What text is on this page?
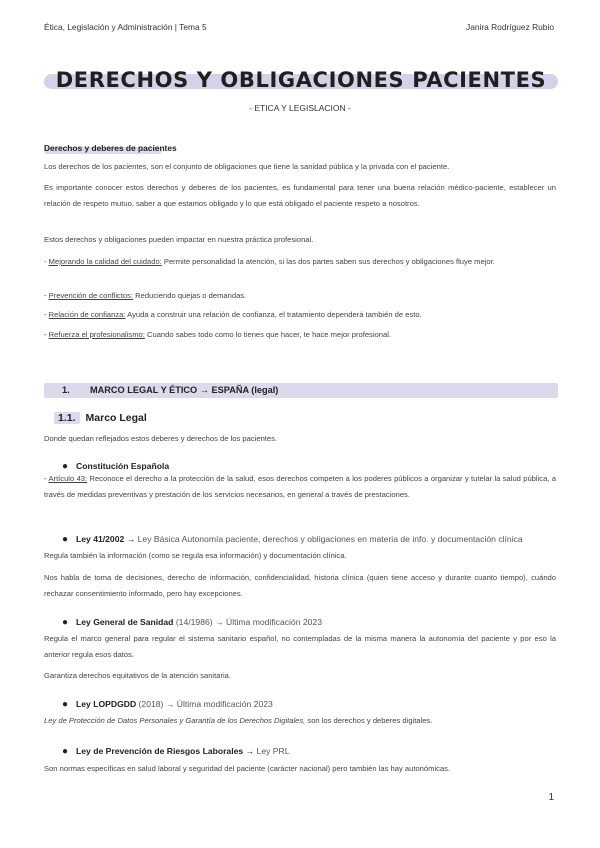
Ética, Legislación y Administración | Tema 5	Janira Rodríguez Rubio
DERECHOS Y OBLIGACIONES PACIENTES
- ETICA Y LEGISLACION -
Derechos y deberes de pacientes
Los derechos de los pacientes, son el conjunto de obligaciones que tiene la sanidad pública y la privada con el paciente.
Es importante conocer estos derechos y deberes de los pacientes, es fundamental para tener una buena relación médico-paciente, establecer un relación de respeto mutuo, saber a que estamos obligado y lo que está obligado el paciente respeto a nosotros.
Estos derechos y obligaciones pueden impactar en nuestra práctica profesional.
- Mejorando la calidad del cuidado: Permite personalidad la atención, si las dos partes saben sus derechos y obligaciones fluye mejor.
- Prevención de conflictos: Reduciendo quejas o demandas.
- Relación de confianza: Ayuda a construir una relación de confianza, el tratamiento dependerá también de esto.
- Refuerza el profesionalismo: Cuando sabes todo como lo tienes que hacer, te hace mejor profesional.
1. MARCO LEGAL Y ÉTICO → ESPAÑA (legal)
1.1. Marco Legal
Donde quedan reflejados estos deberes y derechos de los pacientes.
● Constitución Española
- Artículo 43: Reconoce el derecho a la protección de la salud, esos derechos competen a los poderes públicos a organizar y tutelar la salud pública, a través de medidas preventivas y prestación de los servicios necesarios, en general a través de prestaciones.
● Ley 41/2002 → Ley Básica Autonomía paciente, derechos y obligaciones en materia de info. y documentación clínica
Regula también la información (como se regula esa información) y documentación clínica.
Nos habla de toma de decisiones, derecho de información, confidencialidad, historia clínica (quien tiene acceso y durante cuanto tiempo), cuándo rechazar consentimiento informado, pero hay excepciones.
● Ley General de Sanidad (14/1986) → Última modificación 2023
Regula el marco general para regular el sistema sanitario español, no contempladas de la misma manera la autonomía del paciente y por eso la anterior regula esos datos.
Garantiza derechos equitativos de la atención sanitaria.
● Ley LOPDGDD (2018) → Última modificación 2023
Ley de Protección de Datos Personales y Garantía de los Derechos Digitales, son los derechos y deberes digitales.
● Ley de Prevención de Riesgos Laborales → Ley PRL
Son normas específicas en salud laboral y seguridad del paciente (carácter nacional) pero también las hay autonómicas.
1
